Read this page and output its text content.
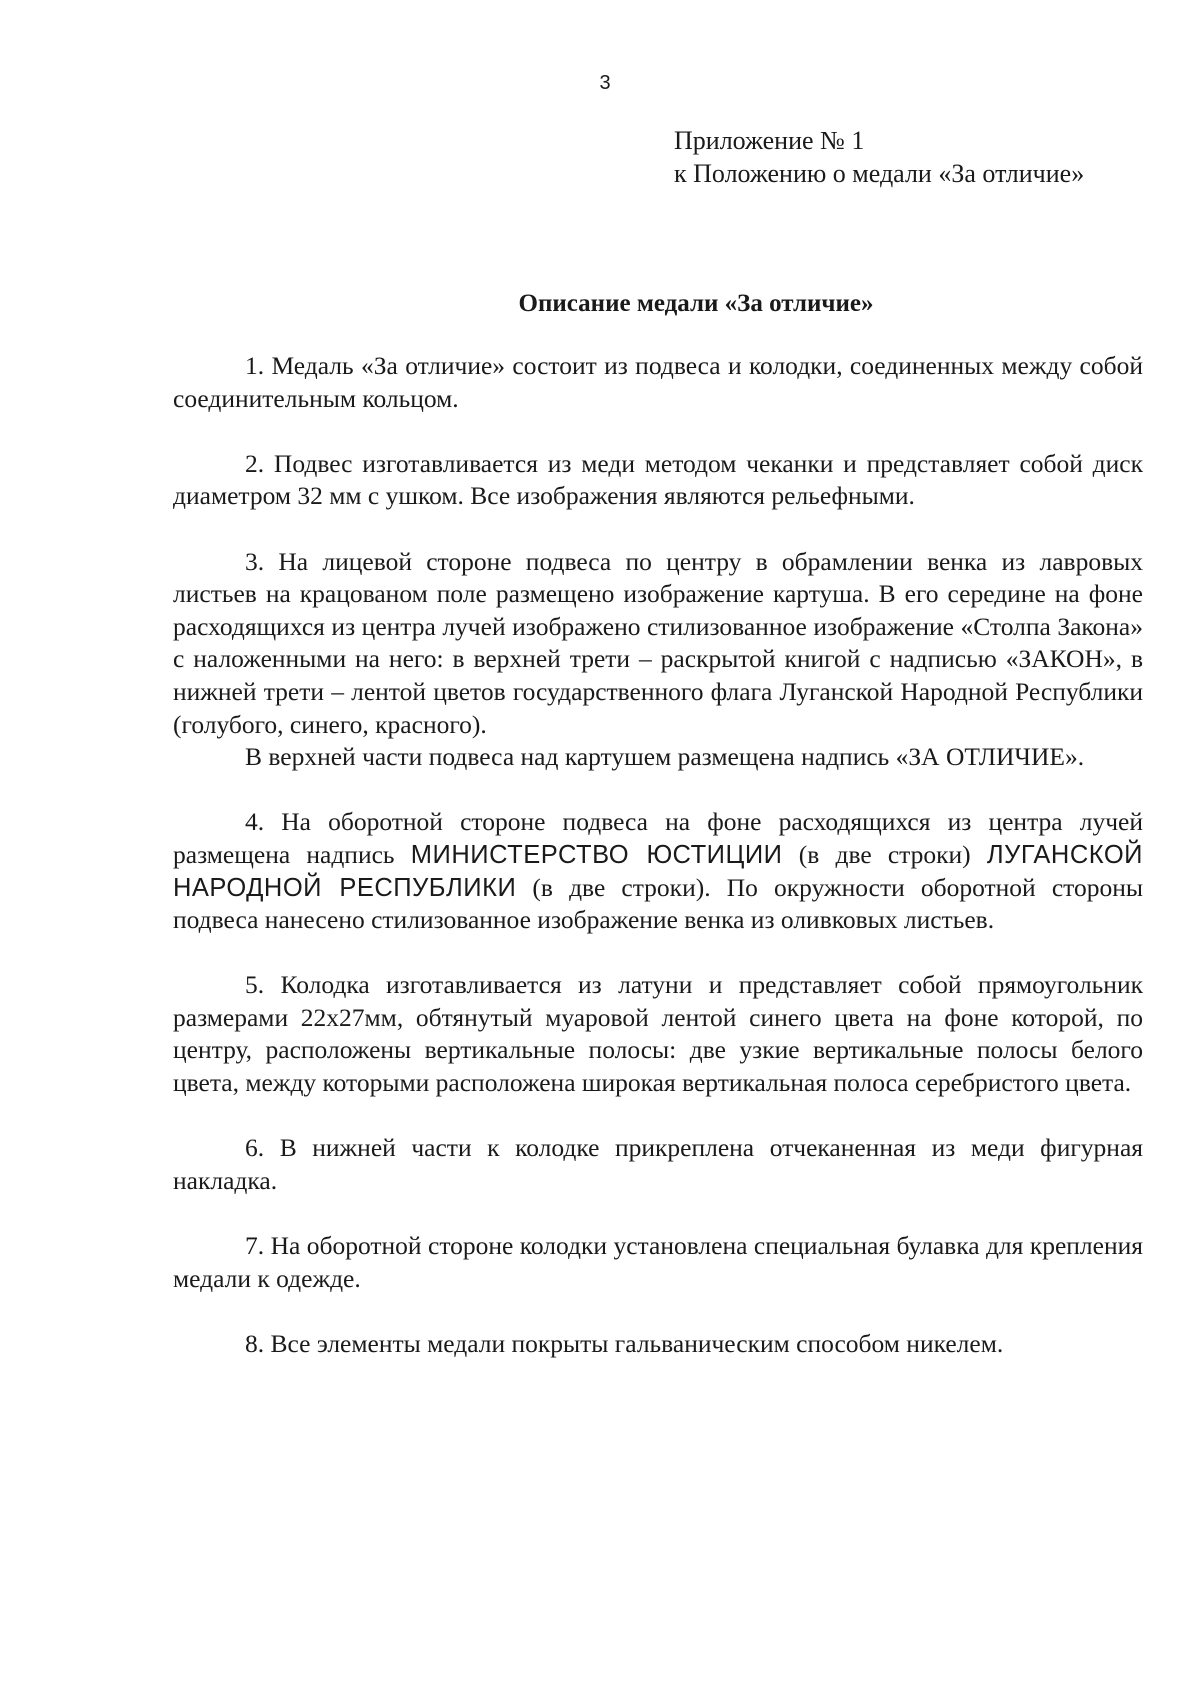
3
Приложение № 1
к Положению о медали «За отличие»
Описание медали «За отличие»

1. Медаль «За отличие» состоит из подвеса и колодки, соединенных между собой соединительным кольцом.

2. Подвес изготавливается из меди методом чеканки и представляет собой диск диаметром 32 мм с ушком. Все изображения являются рельефными.

3. На лицевой стороне подвеса по центру в обрамлении венка из лавровых листьев на крацованом поле размещено изображение картуша. В его середине на фоне расходящихся из центра лучей изображено стилизованное изображение «Столпа Закона» с наложенными на него: в верхней трети – раскрытой книгой с надписью «ЗАКОН», в нижней трети – лентой цветов государственного флага Луганской Народной Республики (голубого, синего, красного).

В верхней части подвеса над картушем размещена надпись «ЗА ОТЛИЧИЕ».

4. На оборотной стороне подвеса на фоне расходящихся из центра лучей размещена надпись МИНИСТЕРСТВО ЮСТИЦИИ (в две строки) ЛУГАНСКОЙ НАРОДНОЙ РЕСПУБЛИКИ (в две строки). По окружности оборотной стороны подвеса нанесено стилизованное изображение венка из оливковых листьев.

5. Колодка изготавливается из латуни и представляет собой прямоугольник размерами 22х27мм, обтянутый муаровой лентой синего цвета на фоне которой, по центру, расположены вертикальные полосы: две узкие вертикальные полосы белого цвета, между которыми расположена широкая вертикальная полоса серебристого цвета.

6. В нижней части к колодке прикреплена отчеканенная из меди фигурная накладка.

7. На оборотной стороне колодки установлена специальная булавка для крепления медали к одежде.

8. Все элементы медали покрыты гальваническим способом никелем.
